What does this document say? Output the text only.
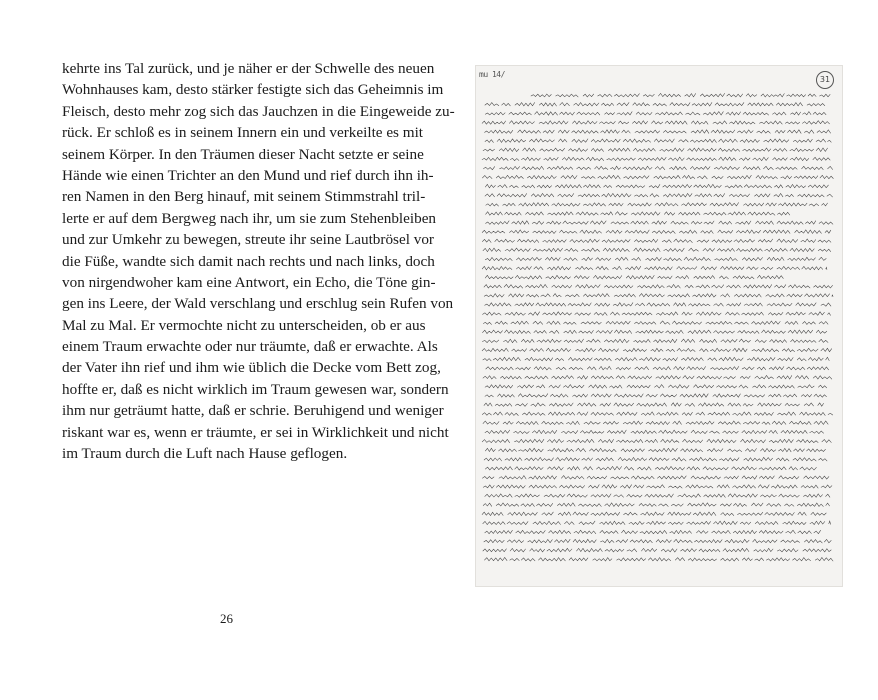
kehrte ins Tal zurück, und je näher er der Schwelle des neuen
Wohnhauses kam, desto stärker festigte sich das Geheimnis im
Fleisch, desto mehr zog sich das Jauchzen in die Eingeweide zu-
rück. Er schloß es in seinem Innern ein und verkeilte es mit
seinem Körper. In den Träumen dieser Nacht setzte er seine
Hände wie einen Trichter an den Mund und rief durch ihn ih-
ren Namen in den Berg hinauf, mit seinem Stimmstrahl tril-
lerte er auf dem Bergweg nach ihr, um sie zum Stehenbleiben
und zur Umkehr zu bewegen, streute ihr seine Lautbrösel vor
die Füße, wandte sich damit nach rechts und nach links, doch
von nirgendwoher kam eine Antwort, ein Echo, die Töne gin-
gen ins Leere, der Wald verschlang und erschlug sein Rufen von
Mal zu Mal. Er vermochte nicht zu unterscheiden, ob er aus
einem Traum erwachte oder nur träumte, daß er erwachte. Als
der Vater ihn rief und ihm wie üblich die Decke vom Bett zog,
hoffte er, daß es nicht wirklich im Traum gewesen war, sondern
ihm nur geträumt hatte, daß er schrie. Beruhigend und weniger
riskant war es, wenn er träumte, er sei in Wirklichkeit und nicht
im Traum durch die Luft nach Hause geflogen.
26
mu 14/
31
